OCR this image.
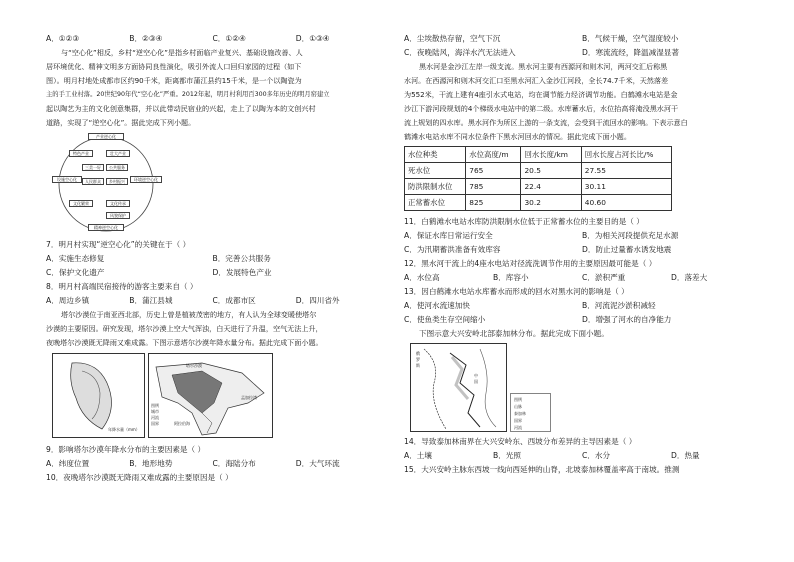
A．①②③	B．②③④	C．①②④	D．①③④
与“空心化”相反，乡村“逆空心化”是指乡村面临产业复兴、基础设施改善、人
居环境优化、精神文明多方面协同良性演化，吸引外流人口回归家园的过程（如下
图）。明月村地处成都市区约90千米，距离都市蒲江县约15千米，是一个以陶瓷为
主的手工业村落。20世纪90年代“空心化”严重。2012年起，明月村利用百300多年历史的明月窑建立
起以陶艺为主的文化创意集群，并以此带动民宿业的兴起，走上了以陶为本的文创兴村
道路，实现了“逆空心化”。据此完成下列小题。
产业逆心化
特色产业	壮大产业
设施空心化
三美一好	公共服务
人民群众	乡村振兴	环境逆空心化
文化繁荣	文化传承
风貌保护
精神逆空心化
7．明月村实现“逆空心化”的关键在于（ ）
A．实施生态修复	B．完善公共服务
C．保护文化遗产	D．发展特色产业
8．明月村高端民宿接待的游客主要来自（ ）
A．周边乡镇	B．蒲江县城	C．成都市区	D．四川省外
塔尔沙漠位于南亚西北部，历史上曾是植被茂密的地方，有人认为全球变暖使塔尔
沙漠的主要原因。研究发现，塔尔沙漠上空大气浑浊，白天进行了升温，空气无法上升，
夜晚塔尔沙漠既无降雨又难成露。下图示意塔尔沙漠年降水量分布。据此完成下面小题。
年降水量（mm）
图例
城市
河流
国界
孟加拉湾
阿拉伯海
塔尔沙漠
9．影响塔尔沙漠年降水分布的主要因素是（ ）
A．纬度位置	B．地形地势	C．海陆分布	D．大气环流
10．夜晚塔尔沙漠既无降雨又难成露的主要原因是（ ）
A．尘埃散热存留，空气下沉	B．气候干燥，空气湿度较小
C．夜晚陆风，海洋水汽无法进入	D．寒流流经，降温减湿显著
黑水河是金沙江左岸一级支流。黑水河主要有西源河和则木河，两河交汇后称黑
水河。在西源河和则木河交汇口至黑水河汇入金沙江河段，全长74.7千米，天然落差
为552米，干流上建有4座引水式电站，均在调节能力经济调节功能。白鹤滩水电站是金
沙江下游河段规划的4个梯级水电站中的第二级。水库蓄水后，水位抬高将淹没黑水河干
流上规划的四水库。黑水河作为所区上游的一条支流，会受到干流回水的影响。下表示意白
鹤滩水电站水库不同水位条件下黑水河回水的情况。据此完成下面小题。
水位种类	水位高度/m	回水长度/km	回水长度占河长比/%
死水位	765	20.5	27.55
防洪限制水位	785	22.4	30.11
正常蓄水位	825	30.2	40.60
11．白鹤滩水电站水库防洪限制水位低于正常蓄水位的主要目的是（ ）
A．保证水库日常运行安全	B．为相关河段提供充足水源
C．为汛期蓄洪准备有效库容	D．防止过量蓄水诱发地震
12．黑水河干流上的4座水电站对径流洗调节作用的主要原因最可能是（ ）
A．水位高	B．库容小	C．淤积严重	D．落差大
13．因白鹤滩水电站水库蓄水而形成的回水对黑水河的影响是（ ）
A．使河水流速加快	B．河流泥沙淤积减轻
C．使鱼类生存空间缩小	D．增强了河水的自净能力
下图示意大兴安岭北部泰加林分布。据此完成下面小题。
俄
罗
斯
中
国
图例
山脉
泰加林
国界
河流
14．导致泰加林南界在大兴安岭东、西坡分布差异的主导因素是（ ）
A．土壤	B．光照	C．水分	D．热量
15．大兴安岭主脉东西坡一线向西延伸的山脊，北坡泰加林覆盖率高于南坡。推测
